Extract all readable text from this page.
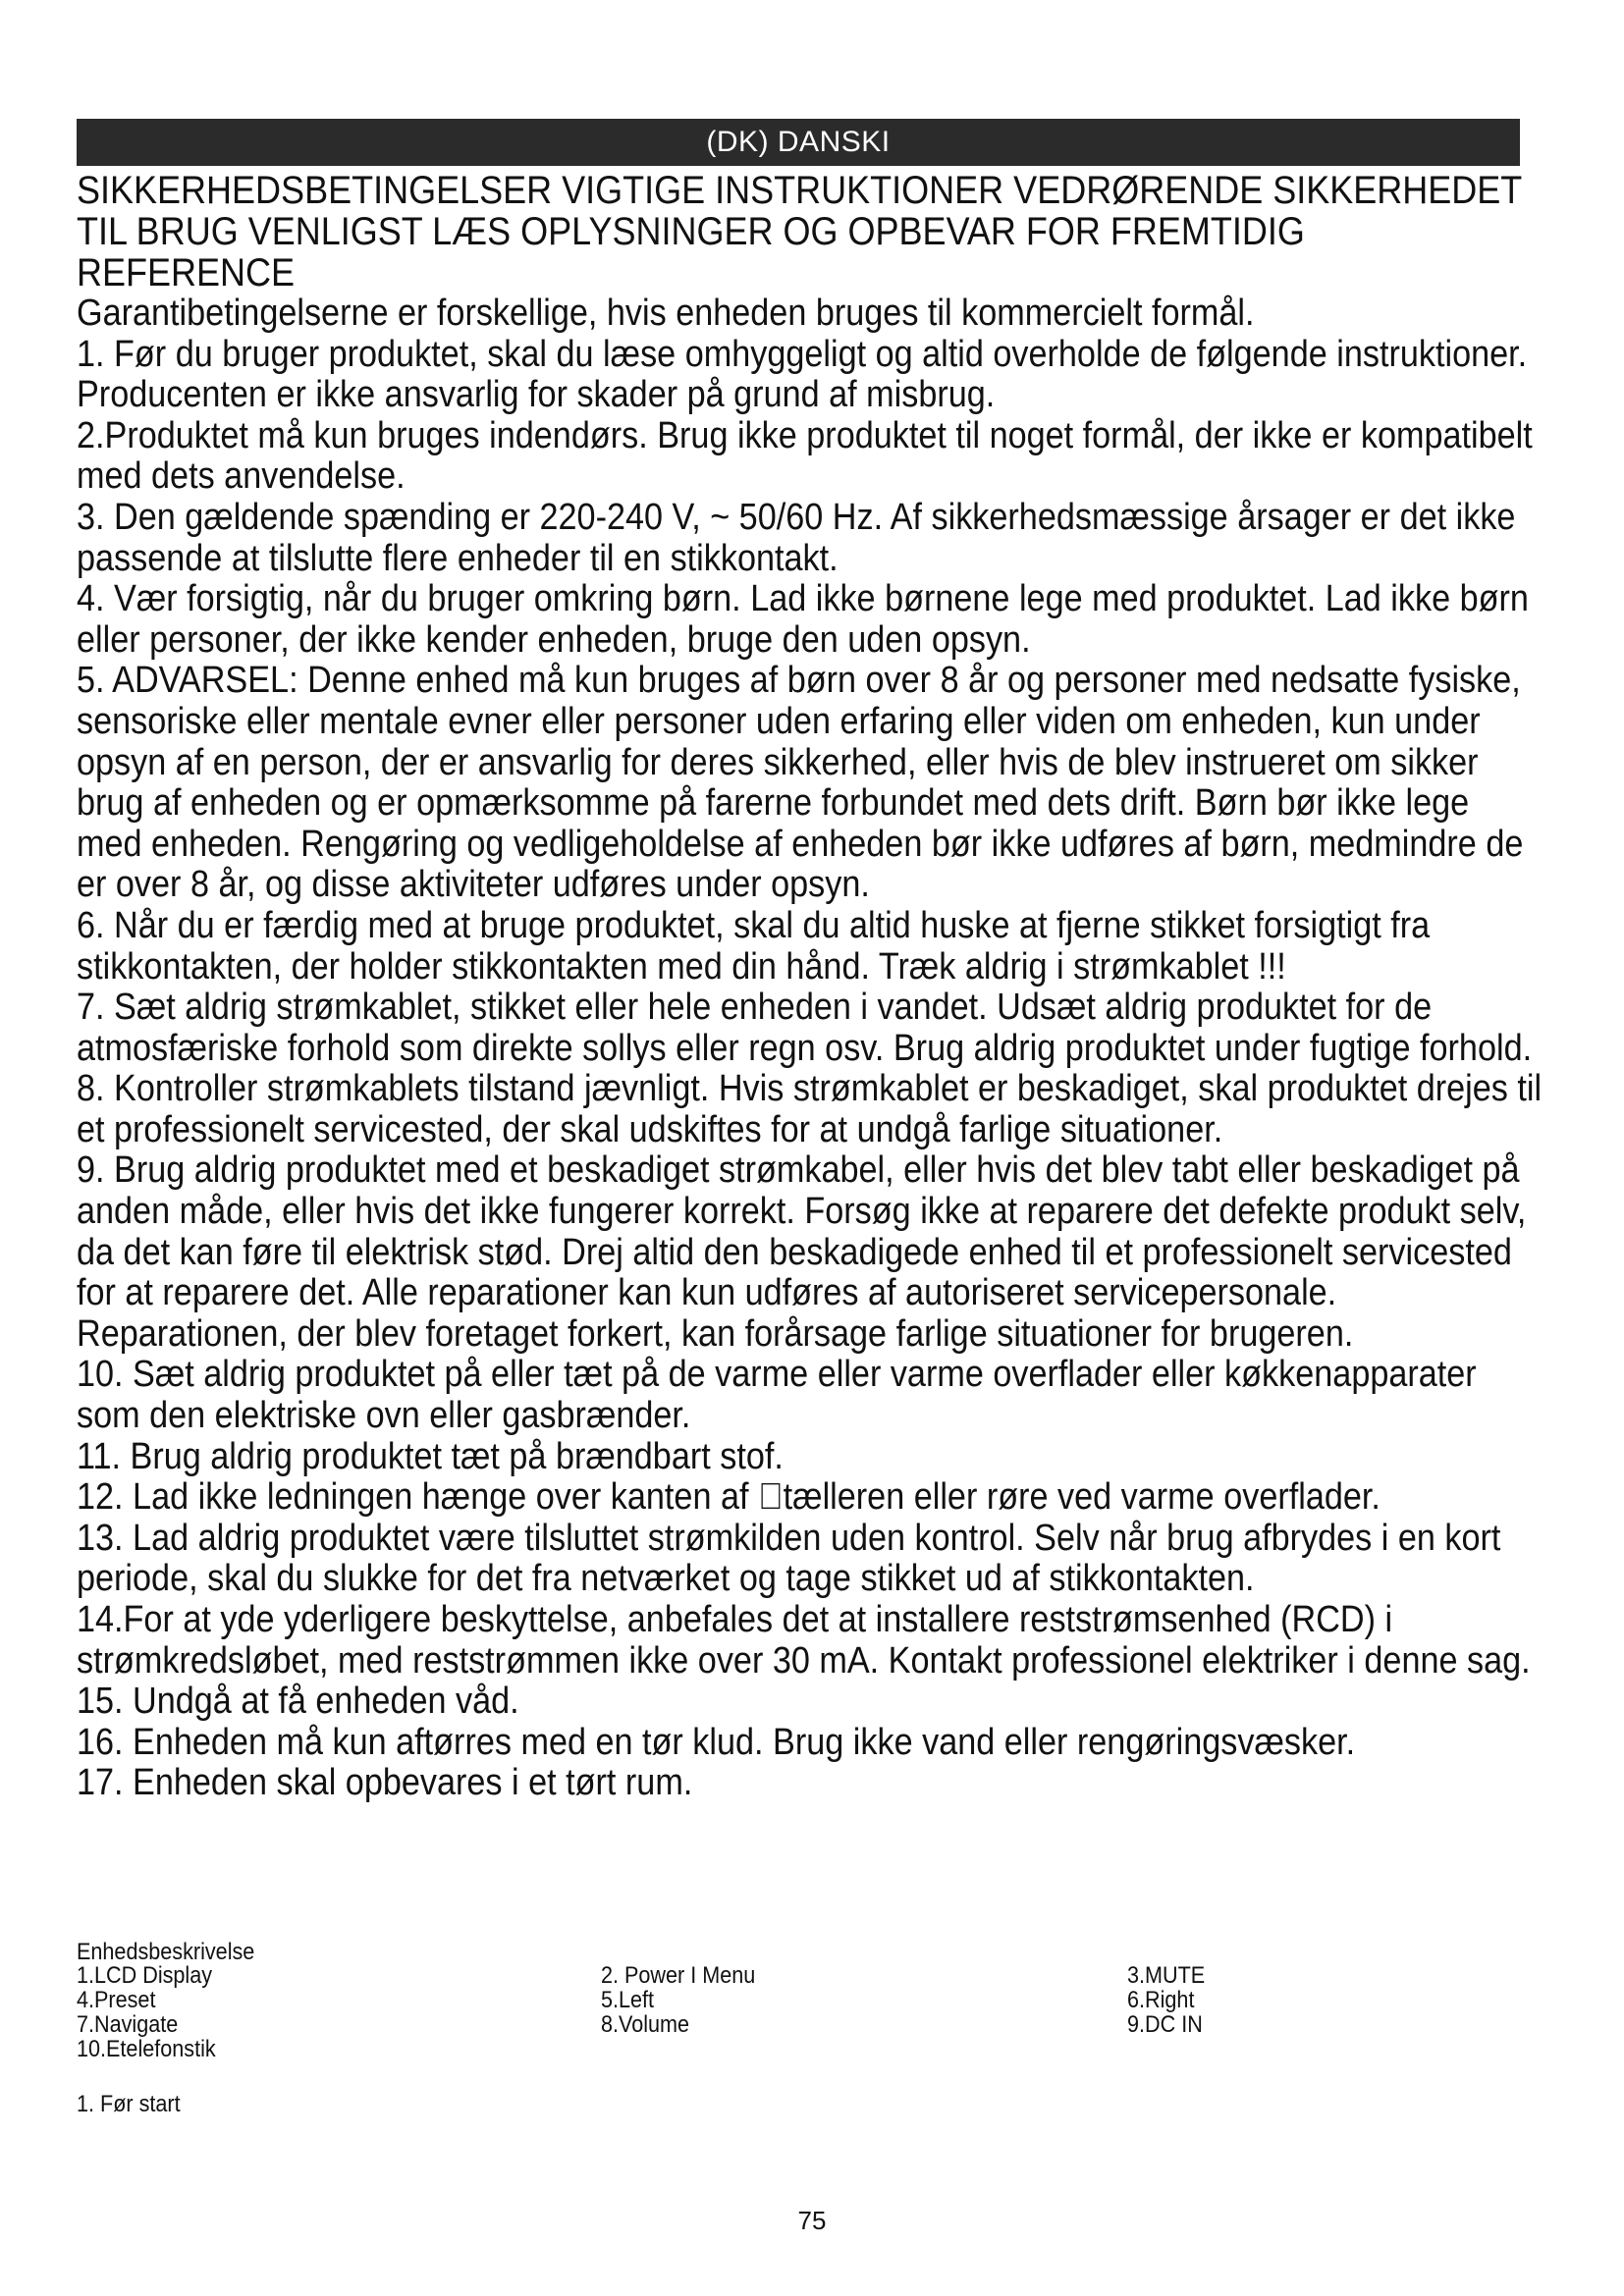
(DK) DANSKI
SIKKERHEDSBETINGELSER VIGTIGE INSTRUKTIONER VEDRØRENDE SIKKERHEDET
TIL BRUG VENLIGST LÆS OPLYSNINGER OG OPBEVAR FOR FREMTIDIG
REFERENCE

Garantibetingelserne er forskellige, hvis enheden bruges til kommercielt formål.

1. Før du bruger produktet, skal du læse omhyggeligt og altid overholde de følgende instruktioner. Producenten er ikke ansvarlig for skader på grund af misbrug.

2.Produktet må kun bruges indendørs. Brug ikke produktet til noget formål, der ikke er kompatibelt med dets anvendelse.

3. Den gældende spænding er 220-240 V, ~ 50/60 Hz. Af sikkerhedsmæssige årsager er det ikke passende at tilslutte flere enheder til en stikkontakt.

4. Vær forsigtig, når du bruger omkring børn. Lad ikke børnene lege med produktet. Lad ikke børn eller personer, der ikke kender enheden, bruge den uden opsyn.

5. ADVARSEL: Denne enhed må kun bruges af børn over 8 år og personer med nedsatte fysiske, sensoriske eller mentale evner eller personer uden erfaring eller viden om enheden, kun under opsyn af en person, der er ansvarlig for deres sikkerhed, eller hvis de blev instrueret om sikker brug af enheden og er opmærksomme på farerne forbundet med dets drift. Børn bør ikke lege med enheden. Rengøring og vedligeholdelse af enheden bør ikke udføres af børn, medmindre de er over 8 år, og disse aktiviteter udføres under opsyn.

6. Når du er færdig med at bruge produktet, skal du altid huske at fjerne stikket forsigtigt fra stikkontakten, der holder stikkontakten med din hånd. Træk aldrig i strømkablet !!!

7. Sæt aldrig strømkablet, stikket eller hele enheden i vandet. Udsæt aldrig produktet for de atmosfæriske forhold som direkte sollys eller regn osv. Brug aldrig produktet under fugtige forhold.

8. Kontroller strømkablets tilstand jævnligt. Hvis strømkablet er beskadiget, skal produktet drejes til et professionelt servicested, der skal udskiftes for at undgå farlige situationer.

9. Brug aldrig produktet med et beskadiget strømkabel, eller hvis det blev tabt eller beskadiget på anden måde, eller hvis det ikke fungerer korrekt. Forsøg ikke at reparere det defekte produkt selv, da det kan føre til elektrisk stød. Drej altid den beskadigede enhed til et professionelt servicested for at reparere det. Alle reparationer kan kun udføres af autoriseret servicepersonale. Reparationen, der blev foretaget forkert, kan forårsage farlige situationer for brugeren.

10. Sæt aldrig produktet på eller tæt på de varme eller varme overflader eller køkkenapparater som den elektriske ovn eller gasbrænder.

11. Brug aldrig produktet tæt på brændbart stof.

12. Lad ikke ledningen hænge over kanten af  tælleren eller røre ved varme overflader.

13. Lad aldrig produktet være tilsluttet strømkilden uden kontrol. Selv når brug afbrydes i en kort periode, skal du slukke for det fra netværket og tage stikket ud af stikkontakten.

14.For at yde yderligere beskyttelse, anbefales det at installere reststrømsenhed (RCD) i strømkredsløbet, med reststrømmen ikke over 30 mA. Kontakt professionel elektriker i denne sag.

15. Undgå at få enheden våd.

16. Enheden må kun aftørres med en tør klud. Brug ikke vand eller rengøringsvæsker.

17. Enheden skal opbevares i et tørt rum.

Enhedsbeskrivelse
1.LCD Display	2. Power I Menu	3.MUTE
4.Preset	5.Left	6.Right
7.Navigate	8.Volume	9.DC IN
10.Etelefonstik
1. Før start
75
